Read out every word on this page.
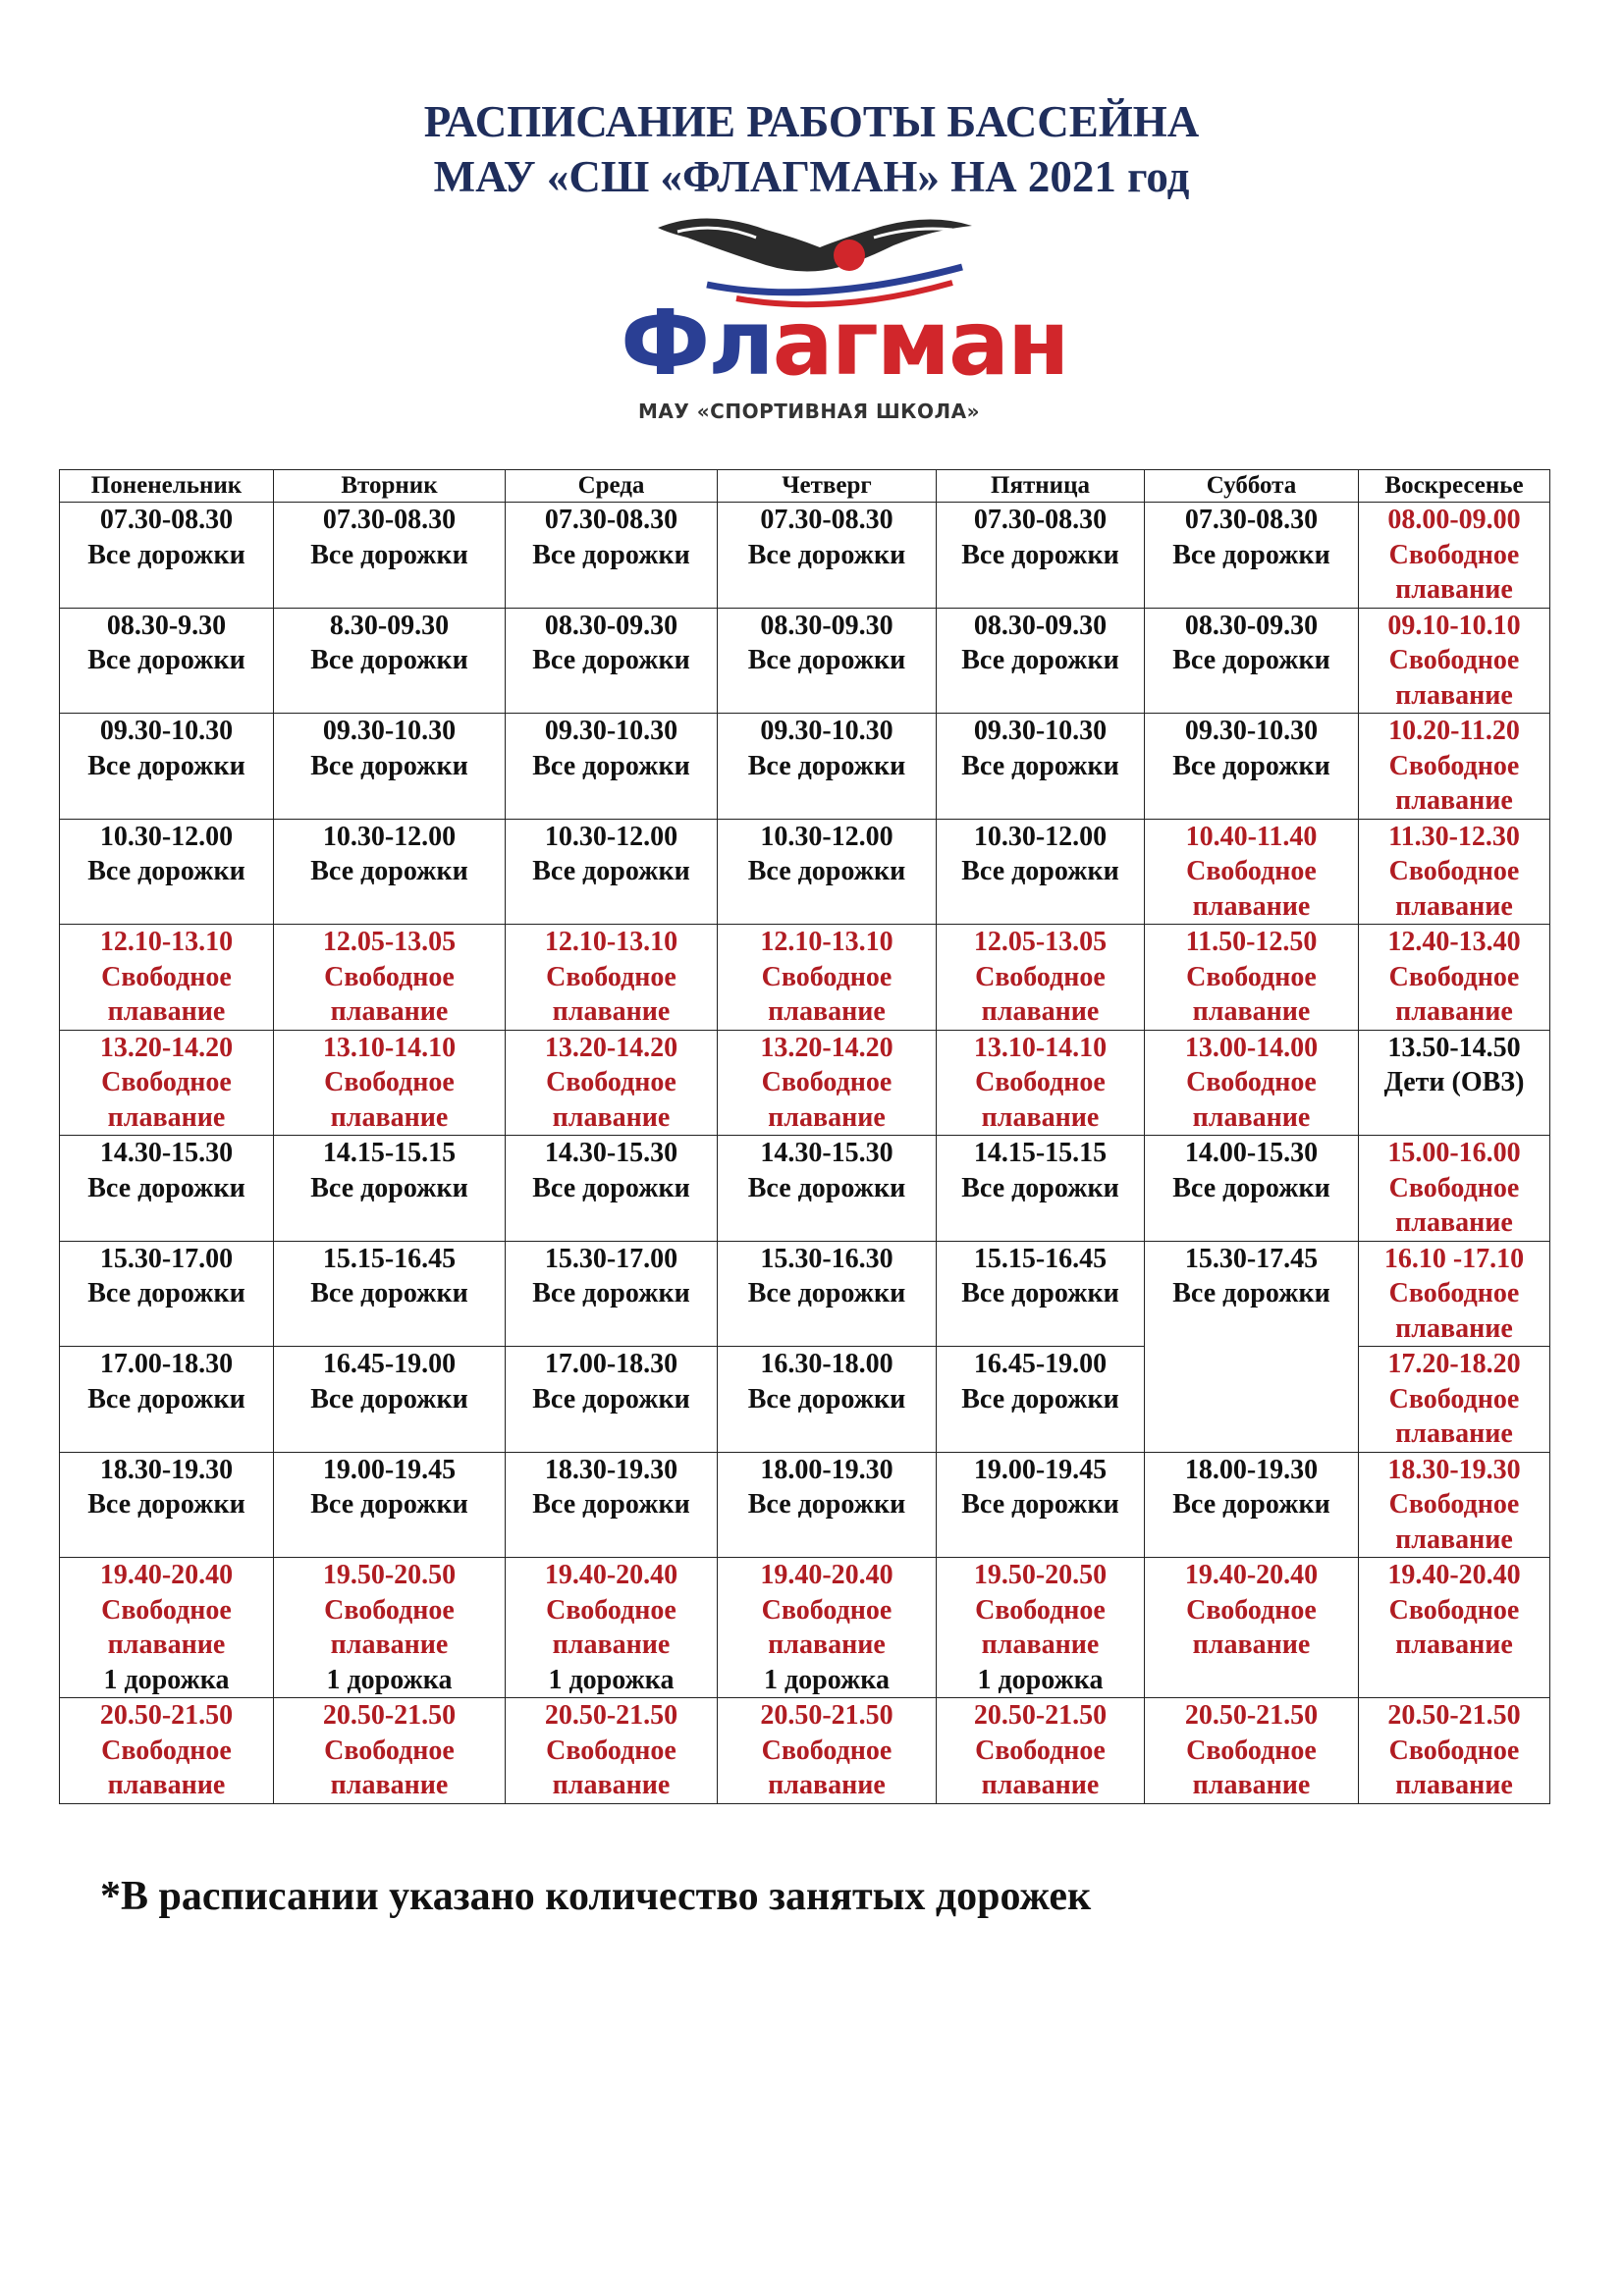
РАСПИСАНИЕ РАБОТЫ БАССЕЙНА
МАУ «СШ «ФЛАГМАН» НА 2021 год
Флагман
МАУ «СПОРТИВНАЯ ШКОЛА»
Поненельник	Вторник	Среда	Четверг	Пятница	Суббота	Воскресенье

07.30-08.30
Все дорожки	07.30-08.30
Все дорожки	07.30-08.30
Все дорожки	07.30-08.30
Все дорожки	07.30-08.30
Все дорожки	07.30-08.30
Все дорожки	08.00-09.00
Свободное
плавание

08.30-9.30
Все дорожки	8.30-09.30
Все дорожки	08.30-09.30
Все дорожки	08.30-09.30
Все дорожки	08.30-09.30
Все дорожки	08.30-09.30
Все дорожки	09.10-10.10
Свободное
плавание

09.30-10.30
Все дорожки	09.30-10.30
Все дорожки	09.30-10.30
Все дорожки	09.30-10.30
Все дорожки	09.30-10.30
Все дорожки	09.30-10.30
Все дорожки	10.20-11.20
Свободное
плавание

10.30-12.00
Все дорожки	10.30-12.00
Все дорожки	10.30-12.00
Все дорожки	10.30-12.00
Все дорожки	10.30-12.00
Все дорожки	10.40-11.40
Свободное
плавание	11.30-12.30
Свободное
плавание

12.10-13.10
Свободное
плавание	12.05-13.05
Свободное
плавание	12.10-13.10
Свободное
плавание	12.10-13.10
Свободное
плавание	12.05-13.05
Свободное
плавание	11.50-12.50
Свободное
плавание	12.40-13.40
Свободное
плавание

13.20-14.20
Свободное
плавание	13.10-14.10
Свободное
плавание	13.20-14.20
Свободное
плавание	13.20-14.20
Свободное
плавание	13.10-14.10
Свободное
плавание	13.00-14.00
Свободное
плавание	13.50-14.50
Дети (ОВЗ)

14.30-15.30
Все дорожки	14.15-15.15
Все дорожки	14.30-15.30
Все дорожки	14.30-15.30
Все дорожки	14.15-15.15
Все дорожки	14.00-15.30
Все дорожки	15.00-16.00
Свободное
плавание

15.30-17.00
Все дорожки	15.15-16.45
Все дорожки	15.30-17.00
Все дорожки	15.30-16.30
Все дорожки	15.15-16.45
Все дорожки	15.30-17.45
Все дорожки	16.10 -17.10
Свободное
плавание

17.00-18.30
Все дорожки	16.45-19.00
Все дорожки	17.00-18.30
Все дорожки	16.30-18.00
Все дорожки	16.45-19.00
Все дорожки		17.20-18.20
Свободное
плавание

18.30-19.30
Все дорожки	19.00-19.45
Все дорожки	18.30-19.30
Все дорожки	18.00-19.30
Все дорожки	19.00-19.45
Все дорожки	18.00-19.30
Все дорожки	18.30-19.30
Свободное
плавание

19.40-20.40
Свободное
плавание
1 дорожка	19.50-20.50
Свободное
плавание
1 дорожка	19.40-20.40
Свободное
плавание
1 дорожка	19.40-20.40
Свободное
плавание
1 дорожка	19.50-20.50
Свободное
плавание
1 дорожка	19.40-20.40
Свободное
плавание	19.40-20.40
Свободное
плавание

20.50-21.50
Свободное
плавание	20.50-21.50
Свободное
плавание	20.50-21.50
Свободное
плавание	20.50-21.50
Свободное
плавание	20.50-21.50
Свободное
плавание	20.50-21.50
Свободное
плавание	20.50-21.50
Свободное
плавание
*В расписании указано количество занятых дорожек
